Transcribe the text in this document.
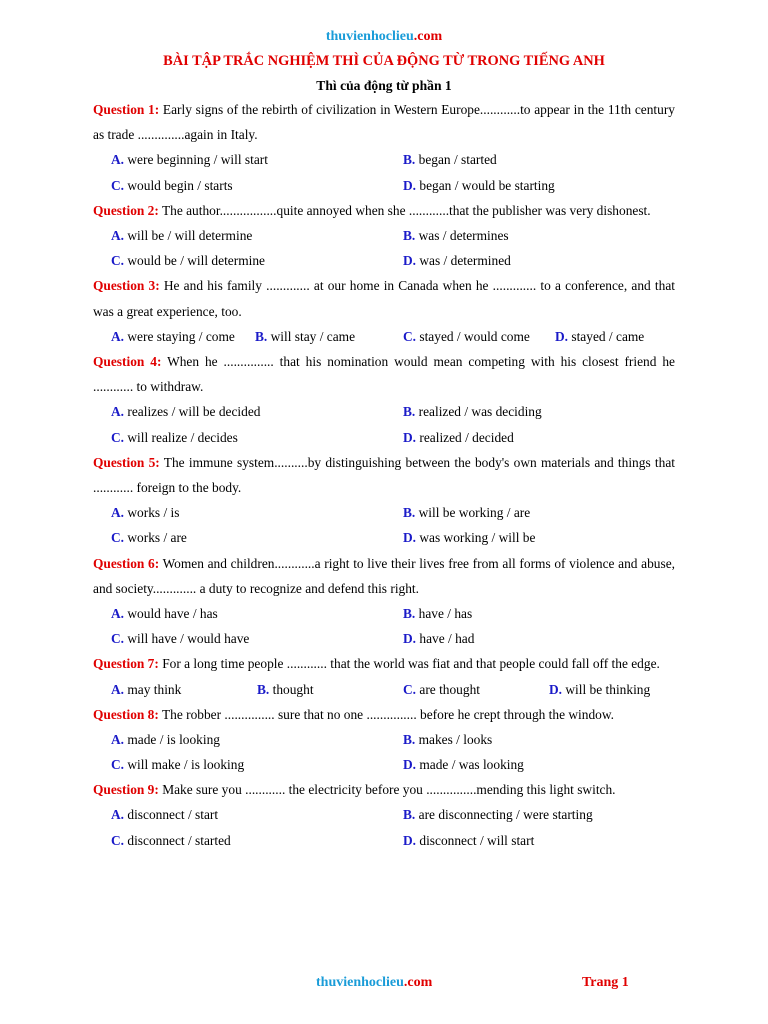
thuvienhoclieu.com
BÀI TẬP TRẮC NGHIỆM THÌ CỦA ĐỘNG TỪ TRONG TIẾNG ANH
Thì của động từ phần 1
Question 1: Early signs of the rebirth of civilization in Western Europe............to appear in the 11th century as trade ..............again in Italy.
A. were beginning / will start	B. began / started
C. would begin / starts	D. began / would be starting
Question 2: The author.................quite annoyed when she ............that the publisher was very dishonest.
A. will be / will determine	B. was / determines
C. would be / will determine	D. was / determined
Question 3: He and his family ............. at our home in Canada when he ............. to a conference, and that was a great experience, too.
A. were staying / come B. will stay / came	C. stayed / would come D. stayed / came
Question 4: When he ............... that his nomination would mean competing with his closest friend he ............ to withdraw.
A. realizes / will be decided	B. realized / was deciding
C. will realize / decides	D. realized / decided
Question 5: The immune system..........by distinguishing between the body's own materials and things that ............ foreign to the body.
A. works / is	B. will be working / are
C. works / are	D. was working / will be
Question 6: Women and children............a right to live their lives free from all forms of violence and abuse, and society............. a duty to recognize and defend this right.
A. would have / has	B. have / has
C. will have / would have	D. have / had
Question 7: For a long time people ............ that the world was fiat and that people could fall off the edge.
A. may think	B. thought	C. are thought	D. will be thinking
Question 8: The robber ............... sure that no one ............... before he crept through the window.
A. made / is looking	B. makes / looks
C. will make / is looking	D. made / was looking
Question 9: Make sure you ............ the electricity before you ...............mending this light switch.
A. disconnect / start	B. are disconnecting / were starting
C. disconnect / started	D. disconnect / will start
thuvienhoclieu.com	Trang 1
